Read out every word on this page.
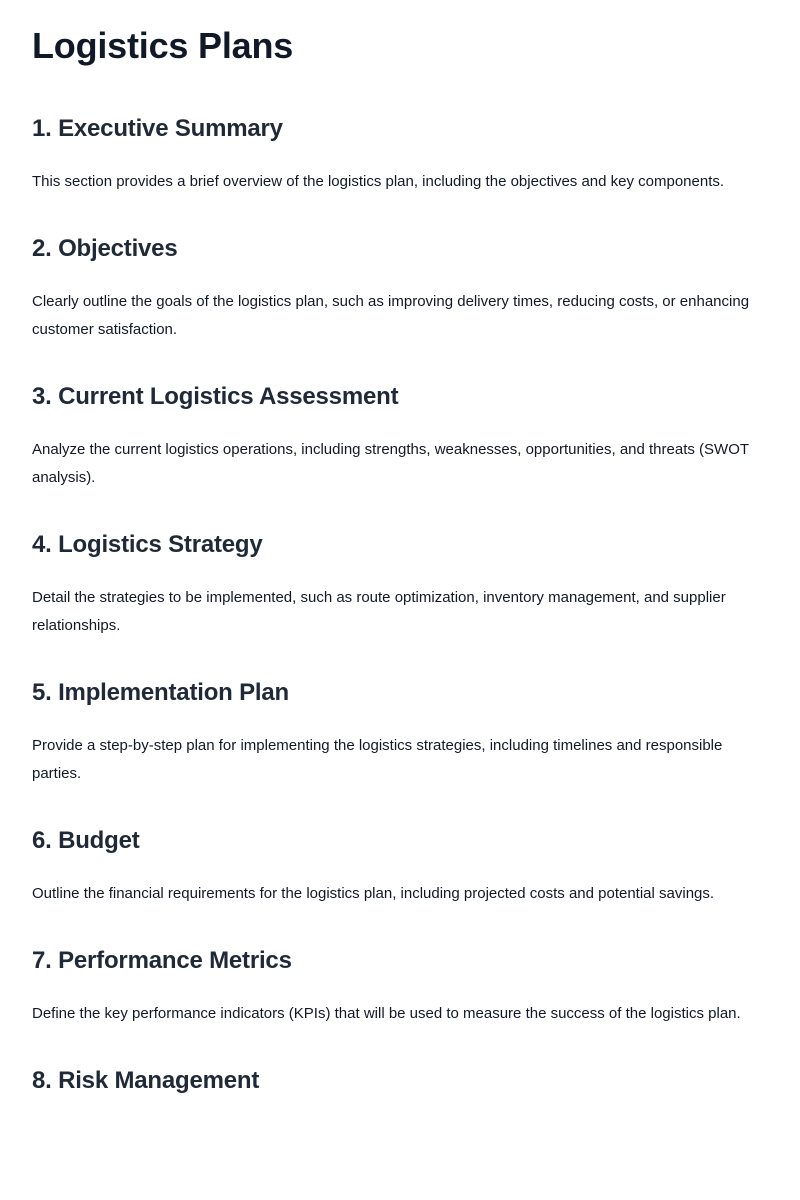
Logistics Plans
1. Executive Summary

This section provides a brief overview of the logistics plan, including the objectives and key components.

2. Objectives

Clearly outline the goals of the logistics plan, such as improving delivery times, reducing costs, or enhancing customer satisfaction.

3. Current Logistics Assessment

Analyze the current logistics operations, including strengths, weaknesses, opportunities, and threats (SWOT analysis).

4. Logistics Strategy

Detail the strategies to be implemented, such as route optimization, inventory management, and supplier relationships.

5. Implementation Plan

Provide a step-by-step plan for implementing the logistics strategies, including timelines and responsible parties.

6. Budget

Outline the financial requirements for the logistics plan, including projected costs and potential savings.

7. Performance Metrics

Define the key performance indicators (KPIs) that will be used to measure the success of the logistics plan.

8. Risk Management
